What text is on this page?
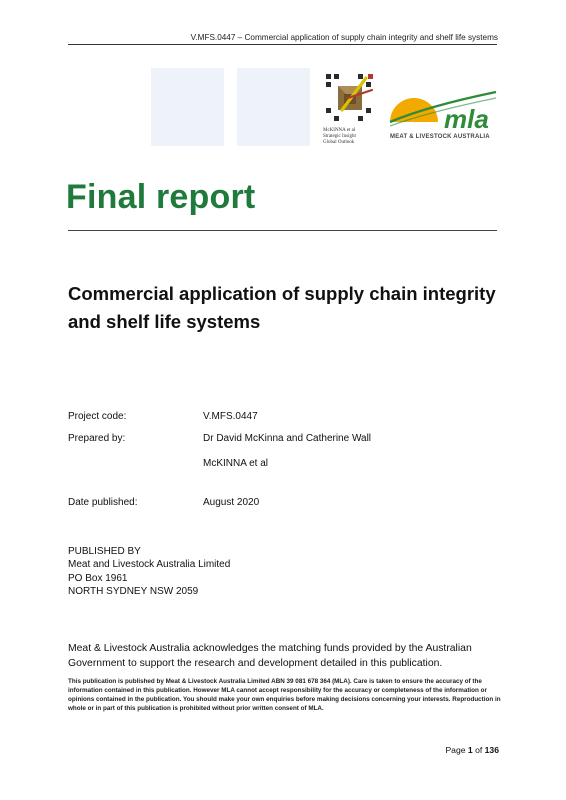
V.MFS.0447 – Commercial application of supply chain integrity and shelf life systems
McKINNA et al
Strategic Insight
Global Outlook
mla
MEAT & LIVESTOCK AUSTRALIA
Final report
Commercial application of supply chain integrity and shelf life systems
Project code:	V.MFS.0447
Prepared by:	Dr David McKinna and Catherine Wall
McKINNA et al
Date published:	August 2020
PUBLISHED BY
Meat and Livestock Australia Limited
PO Box 1961
NORTH SYDNEY NSW 2059

Meat & Livestock Australia acknowledges the matching funds provided by the Australian Government to support the research and development detailed in this publication.

This publication is published by Meat & Livestock Australia Limited ABN 39 081 678 364 (MLA). Care is taken to ensure the accuracy of the information contained in this publication. However MLA cannot accept responsibility for the accuracy or completeness of the information or opinions contained in the publication. You should make your own enquiries before making decisions concerning your interests. Reproduction in whole or in part of this publication is prohibited without prior written consent of MLA.

Page 1 of 136
